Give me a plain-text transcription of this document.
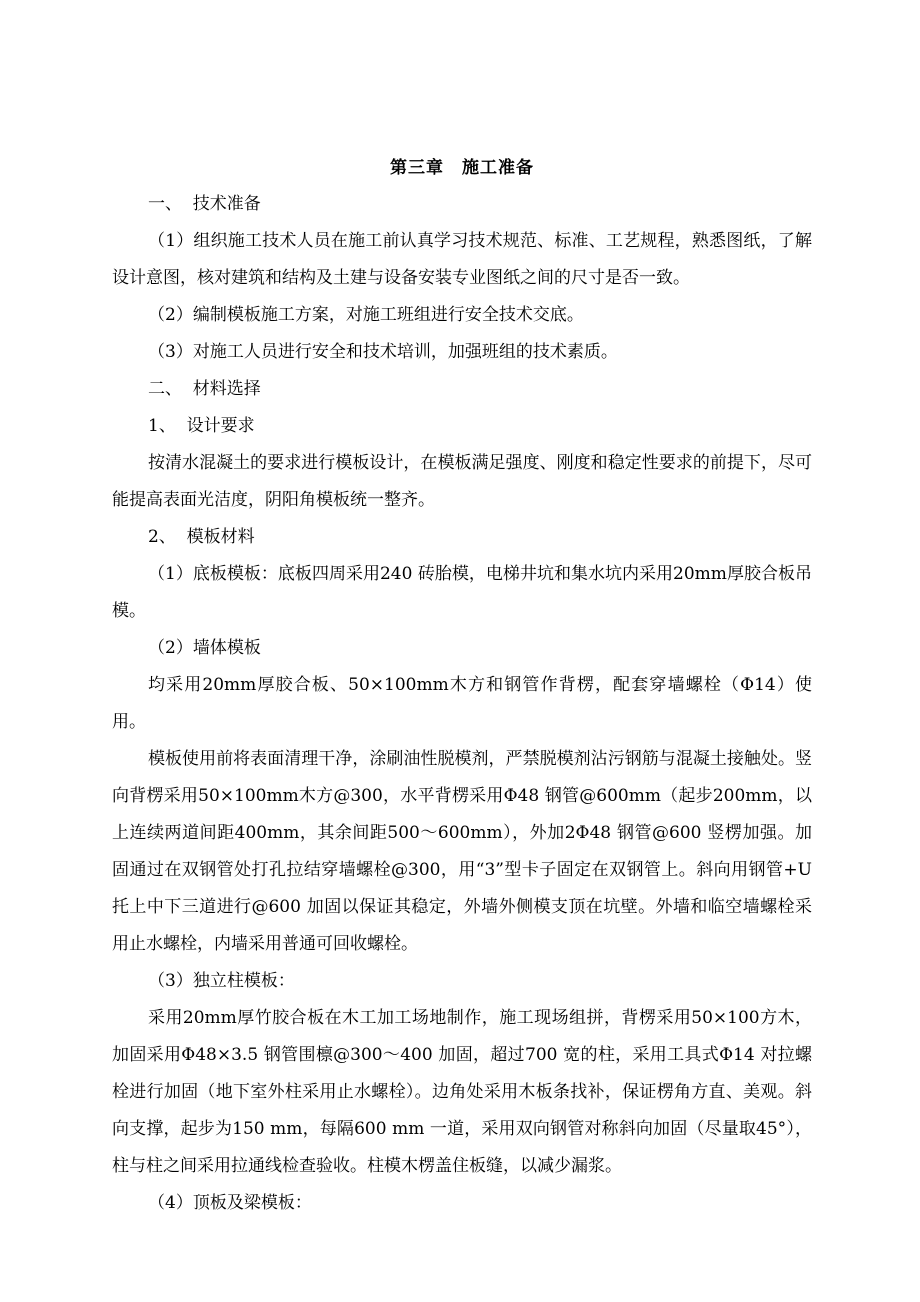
第三章　施工准备
一、  技术准备
（1）组织施工技术人员在施工前认真学习技术规范、标准、工艺规程，熟悉图纸，了解设计意图，核对建筑和结构及土建与设备安装专业图纸之间的尺寸是否一致。
（2）编制模板施工方案，对施工班组进行安全技术交底。
（3）对施工人员进行安全和技术培训，加强班组的技术素质。
二、  材料选择
1、  设计要求
按清水混凝土的要求进行模板设计，在模板满足强度、刚度和稳定性要求的前提下，尽可能提高表面光洁度，阴阳角模板统一整齐。
2、  模板材料
（1）底板模板：底板四周采用240 砖胎模，电梯井坑和集水坑内采用20mm厚胶合板吊模。
（2）墙体模板
均采用20mm厚胶合板、50×100mm木方和钢管作背楞，配套穿墙螺栓（Φ14）使用。
模板使用前将表面清理干净，涂刷油性脱模剂，严禁脱模剂沾污钢筋与混凝土接触处。竖向背楞采用50×100mm木方@300，水平背楞采用Φ48 钢管@600mm（起步200mm，以上连续两道间距400mm，其余间距500～600mm），外加2Φ48 钢管@600 竖楞加强。加固通过在双钢管处打孔拉结穿墙螺栓@300，用“3”型卡子固定在双钢管上。斜向用钢管+U托上中下三道进行@600 加固以保证其稳定，外墙外侧模支顶在坑壁。外墙和临空墙螺栓采用止水螺栓，内墙采用普通可回收螺栓。
（3）独立柱模板：
采用20mm厚竹胶合板在木工加工场地制作，施工现场组拼，背楞采用50×100方木，加固采用Φ48×3.5 钢管围檩@300～400 加固，超过700 宽的柱，采用工具式Φ14 对拉螺栓进行加固（地下室外柱采用止水螺栓）。边角处采用木板条找补，保证楞角方直、美观。斜向支撑，起步为150 mm，每隔600 mm 一道，采用双向钢管对称斜向加固（尽量取45°），柱与柱之间采用拉通线检查验收。柱模木楞盖住板缝，以减少漏浆。
（4）顶板及梁模板：
